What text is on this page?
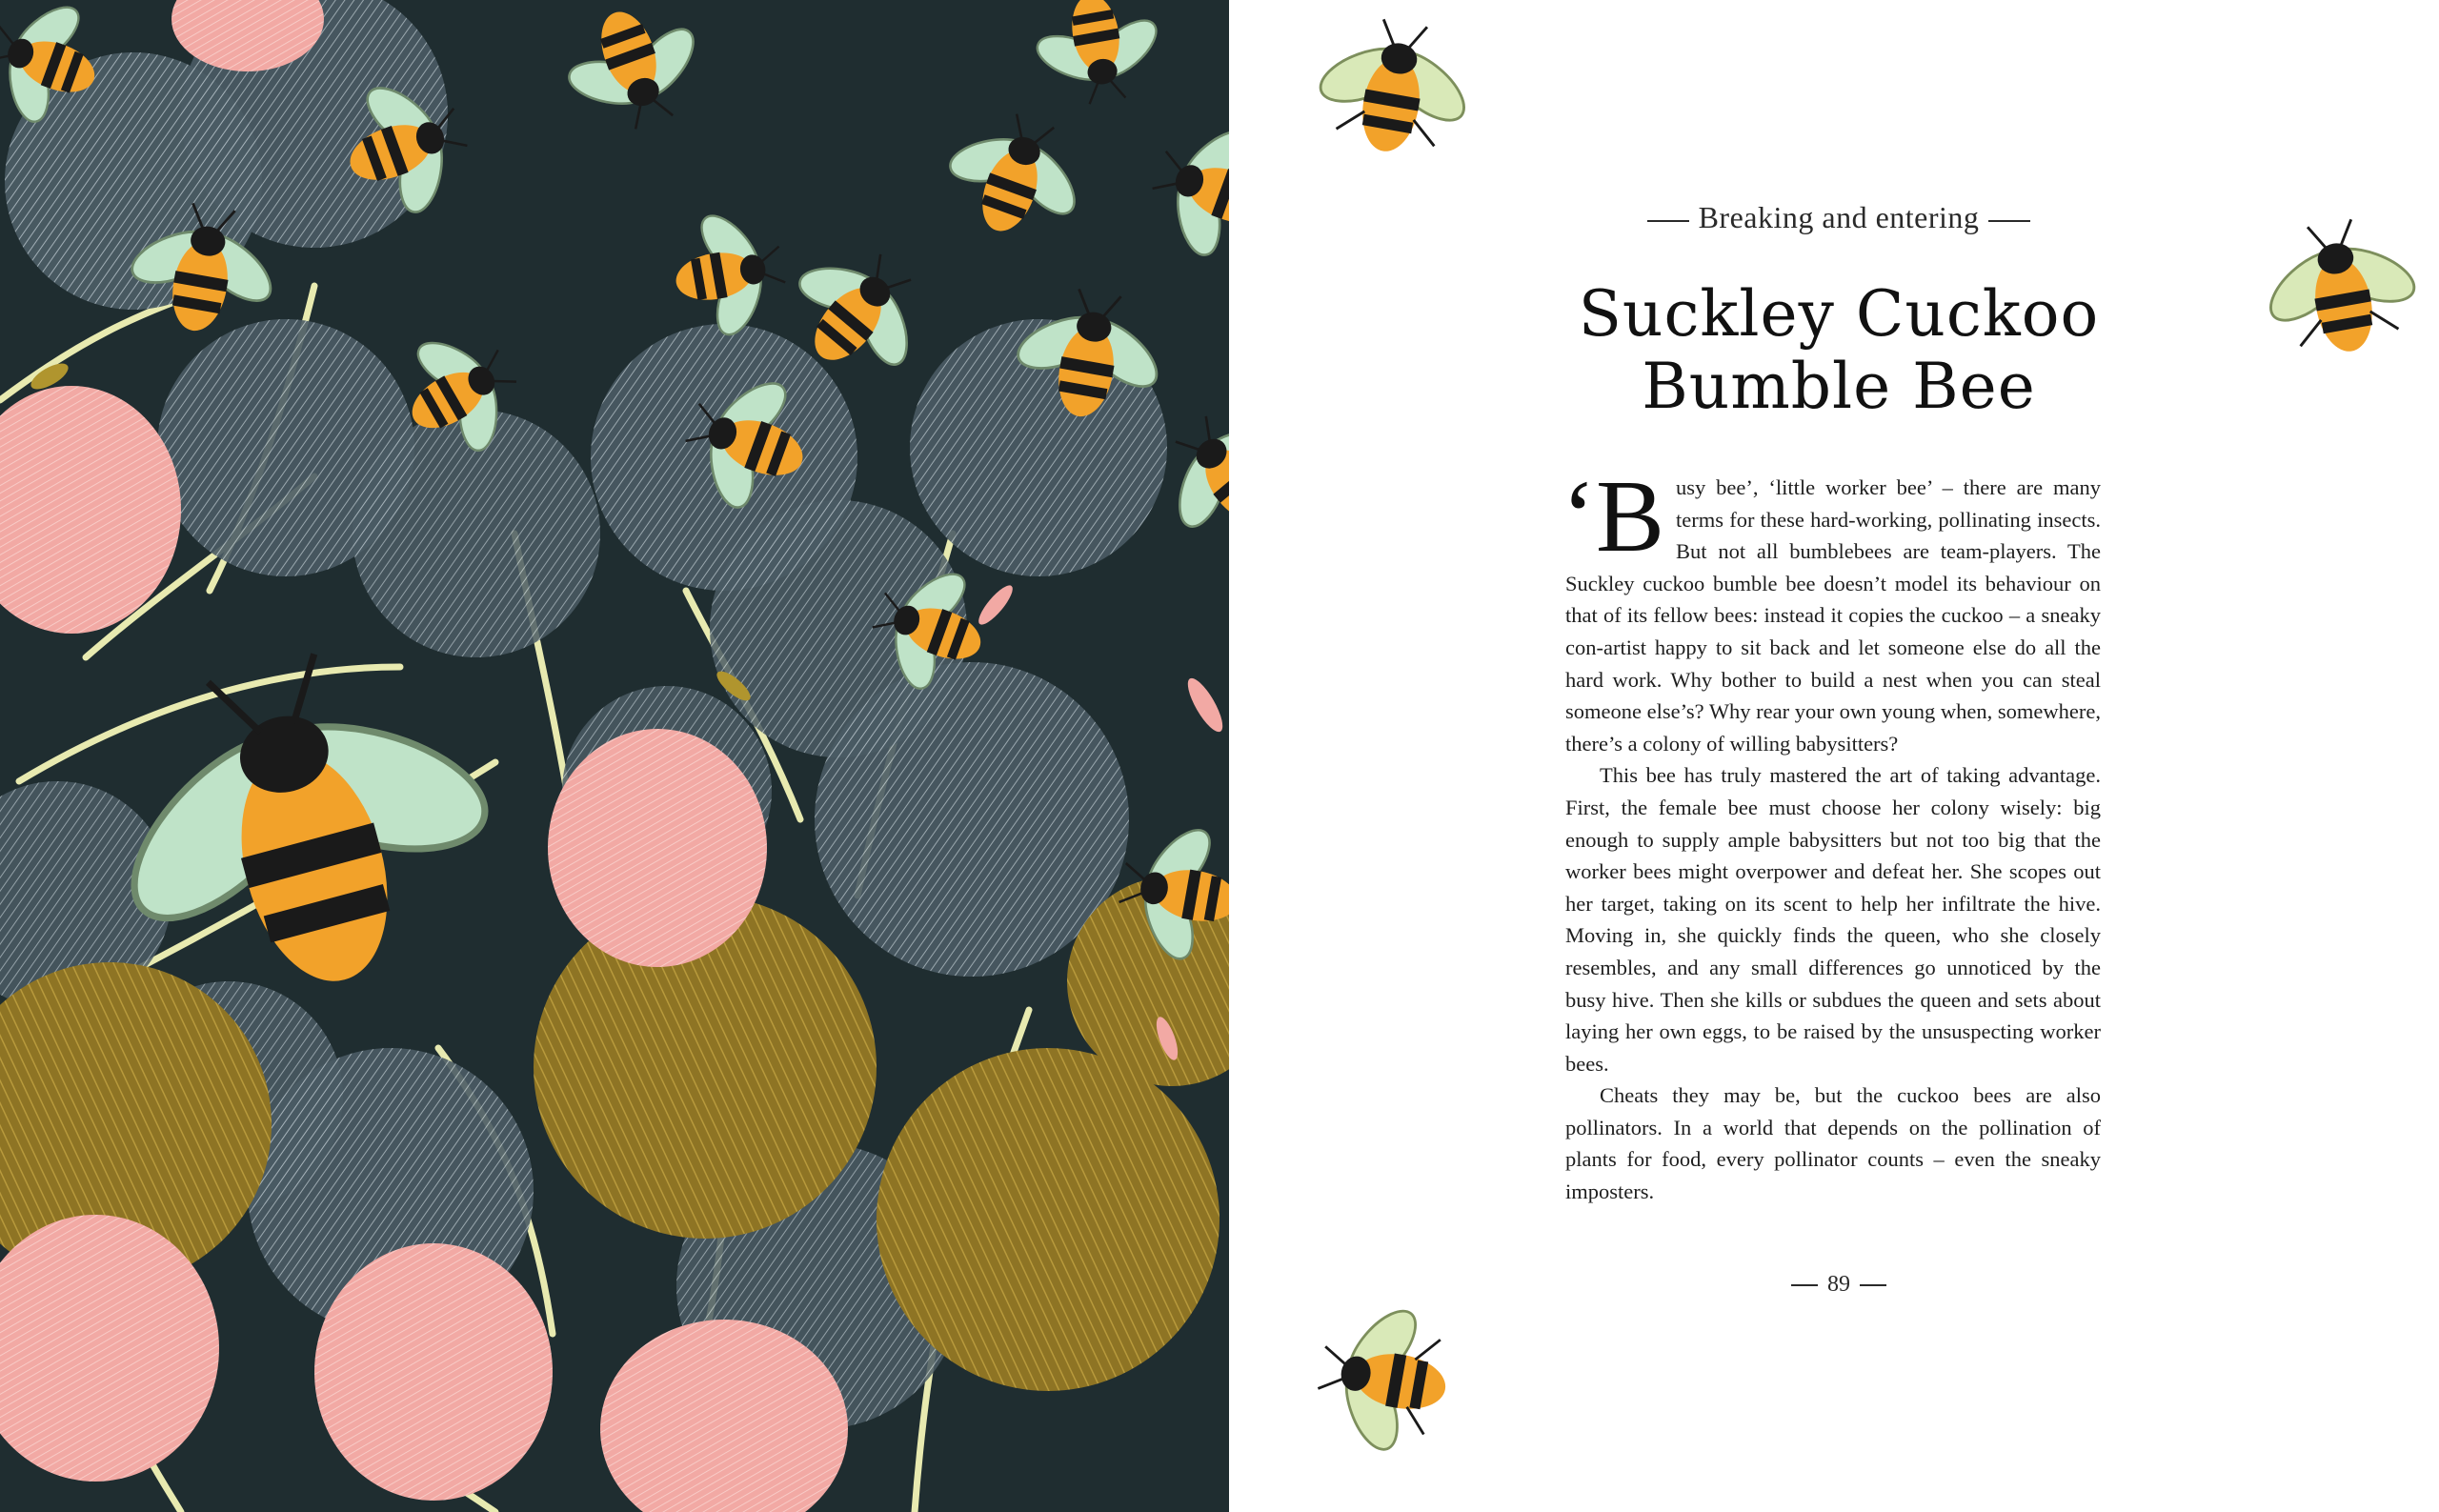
Breaking and entering
Suckley Cuckoo
Bumble Bee

‘Busy bee’, ‘little worker bee’ – there are many terms for these hard-working, pollinating insects. But not all bumblebees are team-players. The Suckley cuckoo bumble bee doesn’t model its behaviour on that of its fellow bees: instead it copies the cuckoo – a sneaky con-artist happy to sit back and let someone else do all the hard work. Why bother to build a nest when you can steal someone else’s? Why rear your own young when, somewhere, there’s a colony of willing babysitters?

This bee has truly mastered the art of taking advantage. First, the female bee must choose her colony wisely: big enough to supply ample babysitters but not too big that the worker bees might overpower and defeat her. She scopes out her target, taking on its scent to help her infiltrate the hive. Moving in, she quickly finds the queen, who she closely resembles, and any small differences go unnoticed by the busy hive. Then she kills or subdues the queen and sets about laying her own eggs, to be raised by the unsuspecting worker bees.

Cheats they may be, but the cuckoo bees are also pollinators. In a world that depends on the pollination of plants for food, every pollinator counts – even the sneaky imposters.

89
